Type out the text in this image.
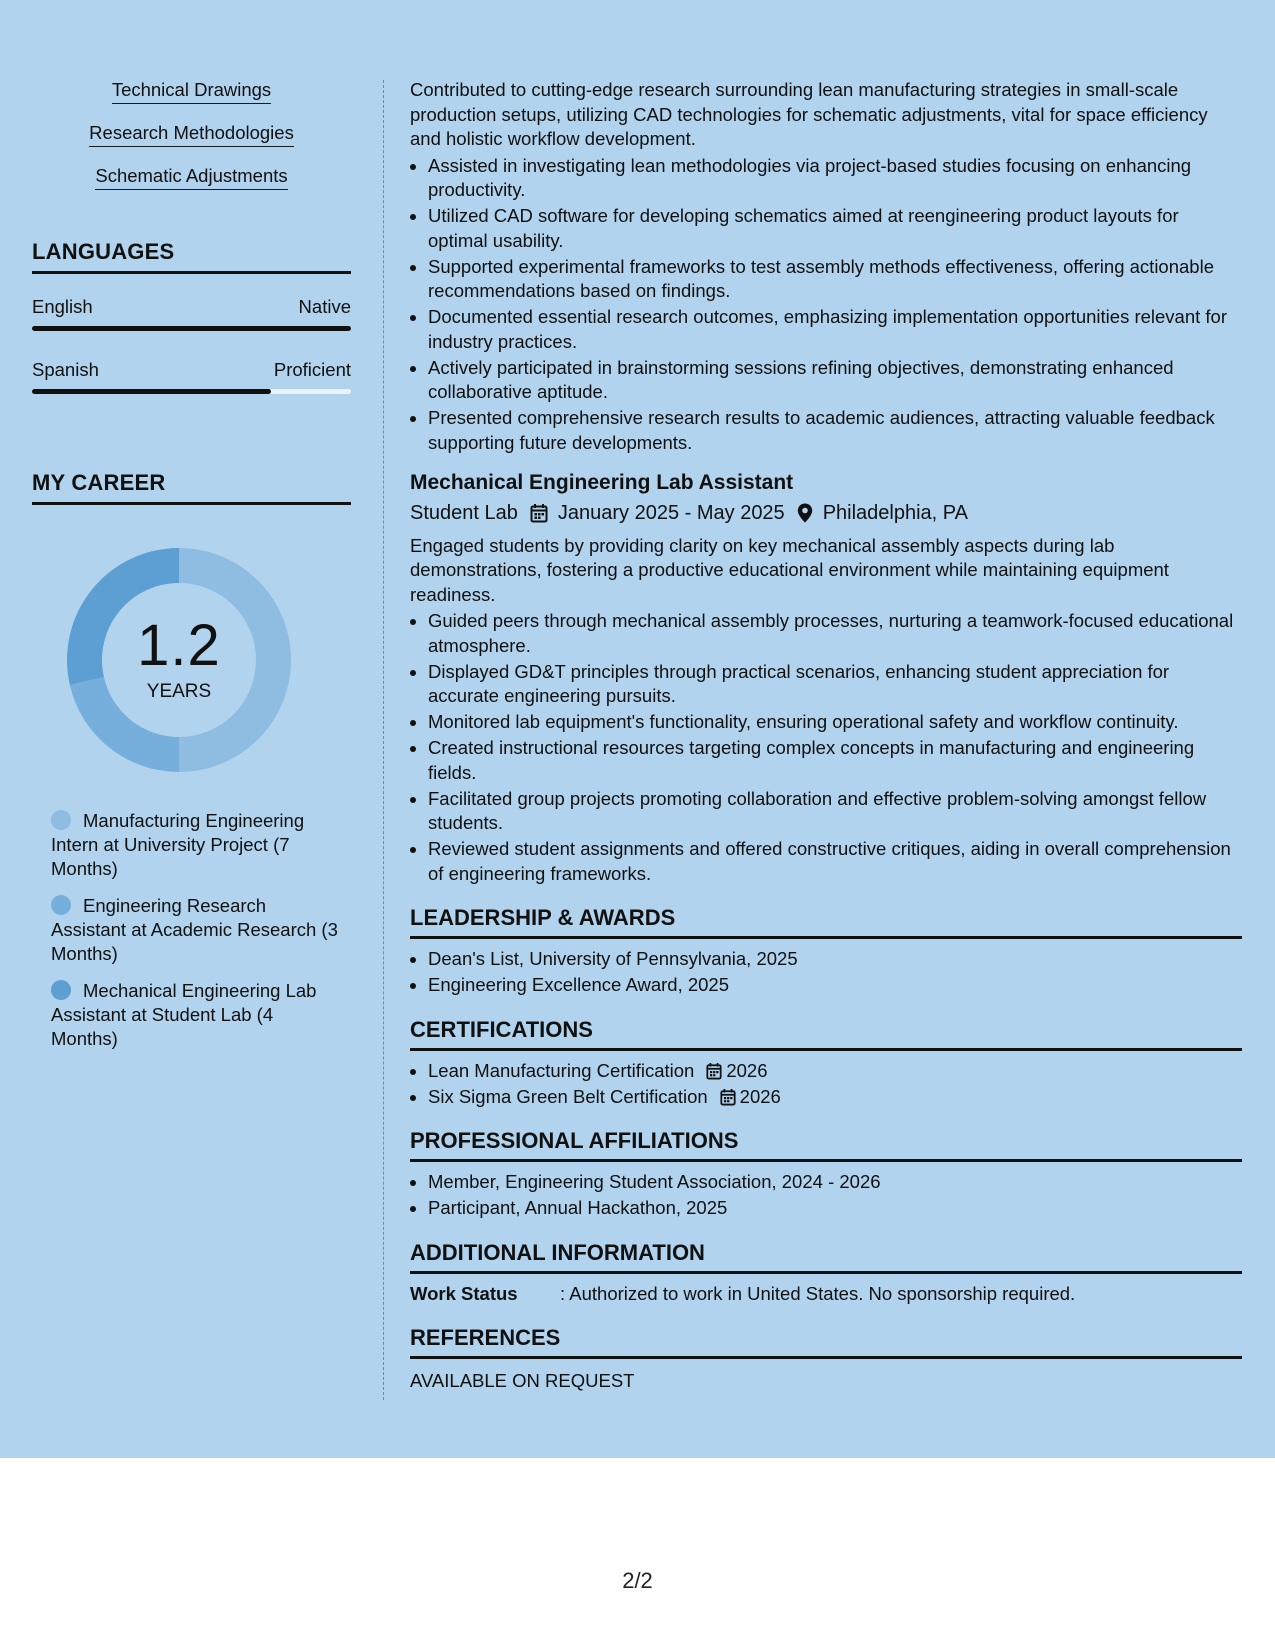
Technical Drawings
Research Methodologies
Schematic Adjustments
LANGUAGES
English	Native
Spanish	Proficient
MY CAREER
1.2
YEARS
Manufacturing Engineering Intern at University Project (7 Months)
Engineering Research Assistant at Academic Research (3 Months)
Mechanical Engineering Lab Assistant at Student Lab (4 Months)

Contributed to cutting-edge research surrounding lean manufacturing strategies in small-scale production setups, utilizing CAD technologies for schematic adjustments, vital for space efficiency and holistic workflow development.

• Assisted in investigating lean methodologies via project-based studies focusing on enhancing productivity.
• Utilized CAD software for developing schematics aimed at reengineering product layouts for optimal usability.
• Supported experimental frameworks to test assembly methods effectiveness, offering actionable recommendations based on findings.
• Documented essential research outcomes, emphasizing implementation opportunities relevant for industry practices.
• Actively participated in brainstorming sessions refining objectives, demonstrating enhanced collaborative aptitude.
• Presented comprehensive research results to academic audiences, attracting valuable feedback supporting future developments.
Mechanical Engineering Lab Assistant
Student Lab January 2025 - May 2025 Philadelphia, PA

Engaged students by providing clarity on key mechanical assembly aspects during lab demonstrations, fostering a productive educational environment while maintaining equipment readiness.

• Guided peers through mechanical assembly processes, nurturing a teamwork-focused educational atmosphere.
• Displayed GD&T principles through practical scenarios, enhancing student appreciation for accurate engineering pursuits.
• Monitored lab equipment's functionality, ensuring operational safety and workflow continuity.
• Created instructional resources targeting complex concepts in manufacturing and engineering fields.
• Facilitated group projects promoting collaboration and effective problem-solving amongst fellow students.
• Reviewed student assignments and offered constructive critiques, aiding in overall comprehension of engineering frameworks.
LEADERSHIP & AWARDS
• Dean's List, University of Pennsylvania, 2025
• Engineering Excellence Award, 2025
CERTIFICATIONS
• Lean Manufacturing Certification 2026
• Six Sigma Green Belt Certification 2026
PROFESSIONAL AFFILIATIONS
• Member, Engineering Student Association, 2024 - 2026
• Participant, Annual Hackathon, 2025
ADDITIONAL INFORMATION
Work Status	: Authorized to work in United States. No sponsorship required.
REFERENCES
AVAILABLE ON REQUEST
2/2
